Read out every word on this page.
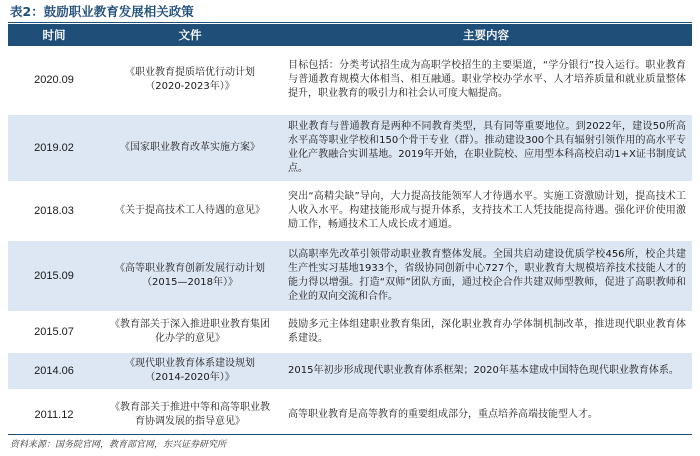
表2：鼓励职业教育发展相关政策
时间	文件	主要内容
2020.09	《职业教育提质培优行动计划（2020-2023年）》	目标包括：分类考试招生成为高职学校招生的主要渠道，“学分银行”投入运行。职业教育与普通教育规模大体相当、相互融通。职业学校办学水平、人才培养质量和就业质量整体提升，职业教育的吸引力和社会认可度大幅提高。
2019.02	《国家职业教育改革实施方案》	职业教育与普通教育是两种不同教育类型，具有同等重要地位。到2022年，建设50所高水平高等职业学校和150个骨干专业（群）。推动建设300个具有辐射引领作用的高水平专业化产教融合实训基地。2019年开始，在职业院校、应用型本科高校启动1+X证书制度试点。
2018.03	《关于提高技术工人待遇的意见》	突出“高精尖缺”导向，大力提高技能领军人才待遇水平。实施工资激励计划，提高技术工人收入水平。构建技能形成与提升体系，支持技术工人凭技能提高待遇。强化评价使用激励工作，畅通技术工人成长成才通道。
2015.09	《高等职业教育创新发展行动计划（2015—2018年）》	以高职率先改革引领带动职业教育整体发展。全国共启动建设优质学校456所，校企共建生产性实习基地1933个，省级协同创新中心727个，职业教育大规模培养技术技能人才的能力得以增强。打造“双师”团队方面，通过校企合作共建双师型教师，促进了高职教师和企业的双向交流和合作。
2015.07	《教育部关于深入推进职业教育集团化办学的意见》	鼓励多元主体组建职业教育集团，深化职业教育办学体制机制改革，推进现代职业教育体系建设。
2014.06	《现代职业教育体系建设规划（2014-2020年）》	2015年初步形成现代职业教育体系框架；2020年基本建成中国特色现代职业教育体系。
2011.12	《教育部关于推进中等和高等职业教育协调发展的指导意见》	高等职业教育是高等教育的重要组成部分，重点培养高端技能型人才。
资料来源：国务院官网，教育部官网，东兴证券研究所
